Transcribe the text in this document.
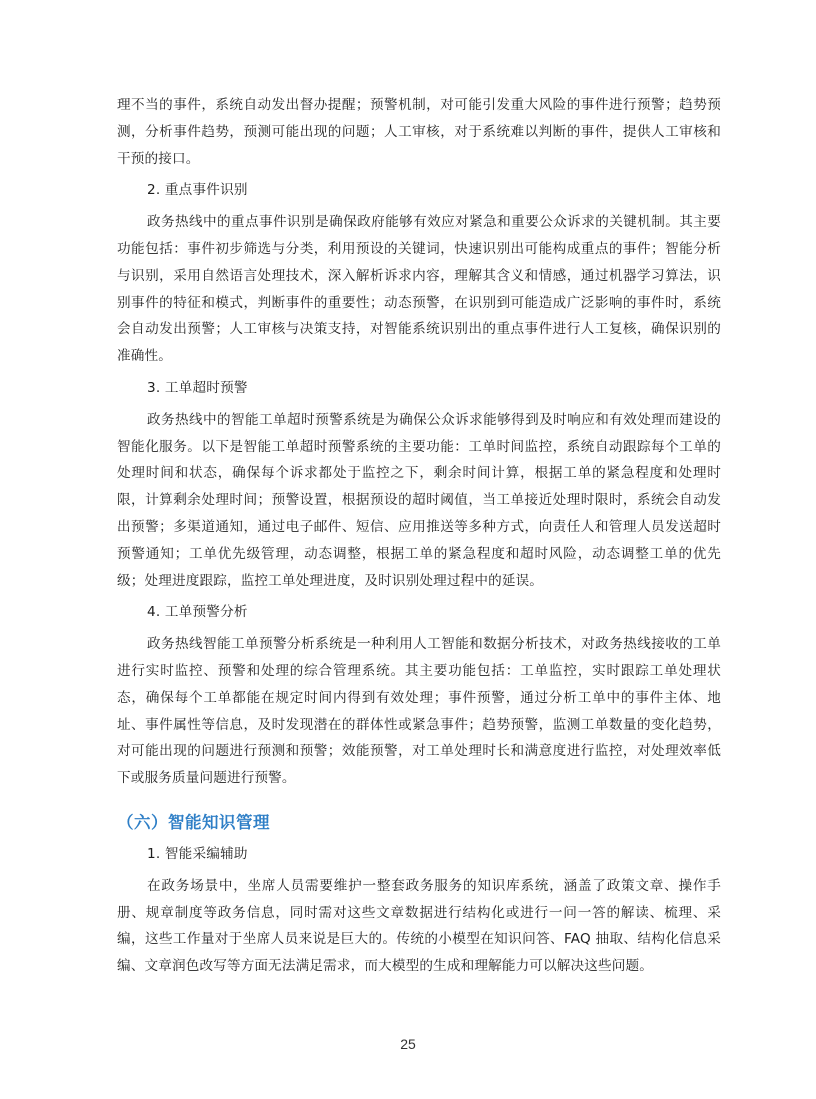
理不当的事件，系统自动发出督办提醒；预警机制，对可能引发重大风险的事件进行预警；趋势预测，分析事件趋势，预测可能出现的问题；人工审核，对于系统难以判断的事件，提供人工审核和干预的接口。

2. 重点事件识别

政务热线中的重点事件识别是确保政府能够有效应对紧急和重要公众诉求的关键机制。其主要功能包括：事件初步筛选与分类，利用预设的关键词，快速识别出可能构成重点的事件；智能分析与识别，采用自然语言处理技术，深入解析诉求内容，理解其含义和情感，通过机器学习算法，识别事件的特征和模式，判断事件的重要性；动态预警，在识别到可能造成广泛影响的事件时，系统会自动发出预警；人工审核与决策支持，对智能系统识别出的重点事件进行人工复核，确保识别的准确性。

3. 工单超时预警

政务热线中的智能工单超时预警系统是为确保公众诉求能够得到及时响应和有效处理而建设的智能化服务。以下是智能工单超时预警系统的主要功能：工单时间监控，系统自动跟踪每个工单的处理时间和状态，确保每个诉求都处于监控之下，剩余时间计算，根据工单的紧急程度和处理时限，计算剩余处理时间；预警设置，根据预设的超时阈值，当工单接近处理时限时，系统会自动发出预警；多渠道通知，通过电子邮件、短信、应用推送等多种方式，向责任人和管理人员发送超时预警通知；工单优先级管理，动态调整，根据工单的紧急程度和超时风险，动态调整工单的优先级；处理进度跟踪，监控工单处理进度，及时识别处理过程中的延误。

4. 工单预警分析

政务热线智能工单预警分析系统是一种利用人工智能和数据分析技术，对政务热线接收的工单进行实时监控、预警和处理的综合管理系统。其主要功能包括：工单监控，实时跟踪工单处理状态，确保每个工单都能在规定时间内得到有效处理；事件预警，通过分析工单中的事件主体、地址、事件属性等信息，及时发现潜在的群体性或紧急事件；趋势预警，监测工单数量的变化趋势，对可能出现的问题进行预测和预警；效能预警，对工单处理时长和满意度进行监控，对处理效率低下或服务质量问题进行预警。

（六）智能知识管理

1. 智能采编辅助

在政务场景中，坐席人员需要维护一整套政务服务的知识库系统，涵盖了政策文章、操作手册、规章制度等政务信息，同时需对这些文章数据进行结构化或进行一问一答的解读、梳理、采编，这些工作量对于坐席人员来说是巨大的。传统的小模型在知识问答、FAQ 抽取、结构化信息采编、文章润色改写等方面无法满足需求，而大模型的生成和理解能力可以解决这些问题。

25
